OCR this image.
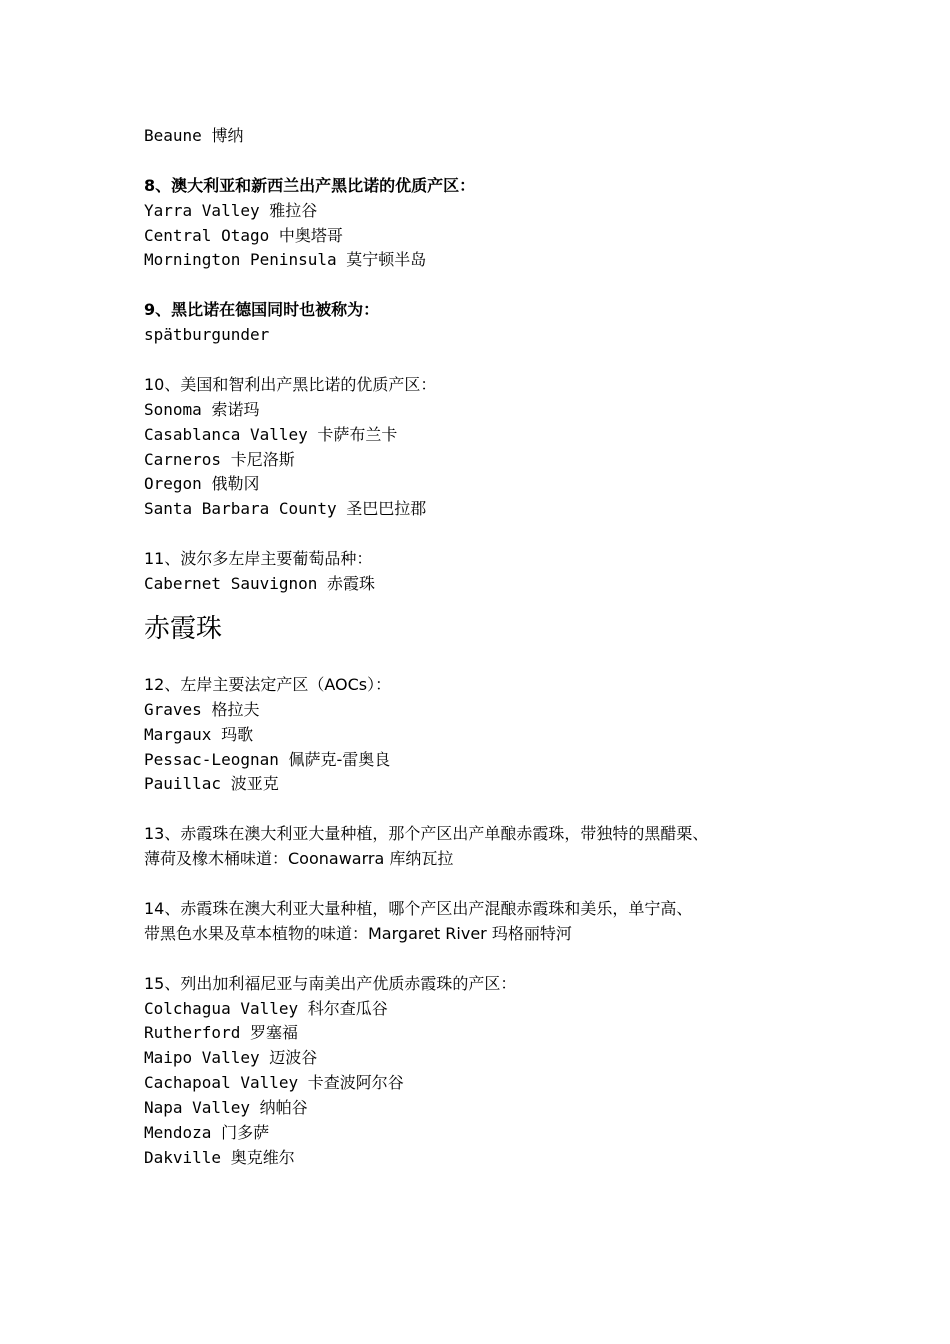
Beaune 博纳
8、澳大利亚和新西兰出产黑比诺的优质产区：
Yarra Valley 雅拉谷
Central Otago 中奥塔哥
Mornington Peninsula 莫宁顿半岛
9、黑比诺在德国同时也被称为：
spätburgunder
10、美国和智利出产黑比诺的优质产区：
Sonoma 索诺玛
Casablanca Valley 卡萨布兰卡
Carneros 卡尼洛斯
Oregon 俄勒冈
Santa Barbara County 圣巴巴拉郡
11、波尔多左岸主要葡萄品种：
Cabernet Sauvignon 赤霞珠
赤霞珠
12、左岸主要法定产区（AOCs）：
Graves 格拉夫
Margaux 玛歌
Pessac-Leognan 佩萨克-雷奥良
Pauillac 波亚克
13、赤霞珠在澳大利亚大量种植，那个产区出产单酿赤霞珠，带独特的黑醋栗、
薄荷及橡木桶味道：Coonawarra 库纳瓦拉
14、赤霞珠在澳大利亚大量种植，哪个产区出产混酿赤霞珠和美乐，单宁高、
带黑色水果及草本植物的味道：Margaret River 玛格丽特河
15、列出加利福尼亚与南美出产优质赤霞珠的产区：
Colchagua Valley 科尔查瓜谷
Rutherford 罗塞福
Maipo Valley 迈波谷
Cachapoal Valley 卡查波阿尔谷
Napa Valley 纳帕谷
Mendoza 门多萨
Dakville 奥克维尔
